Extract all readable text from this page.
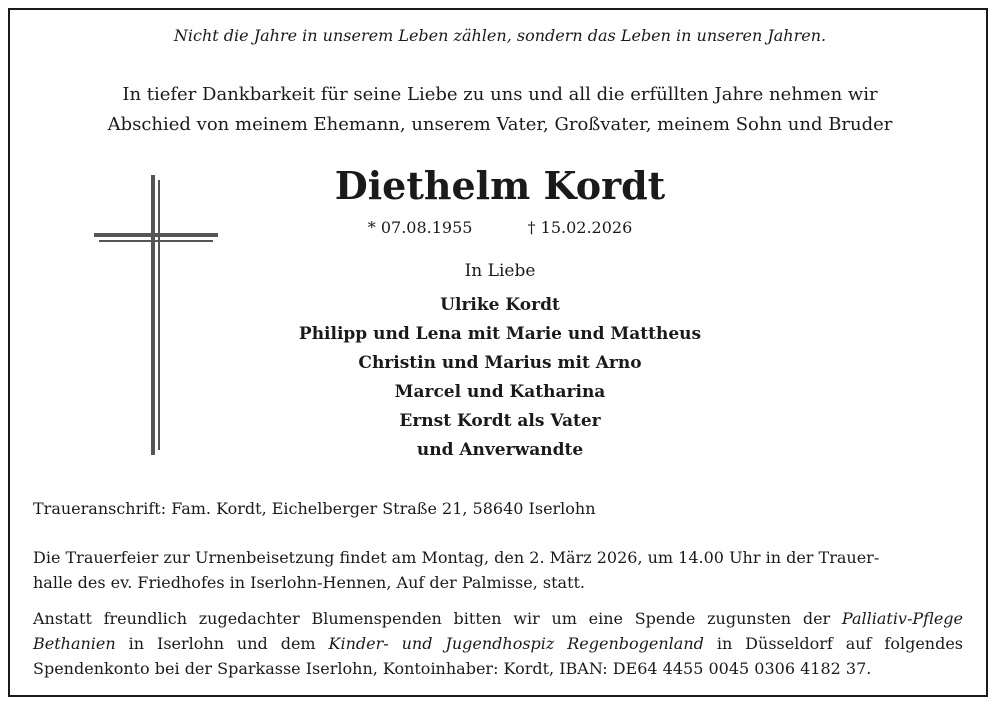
Nicht die Jahre in unserem Leben zählen, sondern das Leben in unseren Jahren.
In tiefer Dankbarkeit für seine Liebe zu uns und all die erfüllten Jahre nehmen wir
Abschied von meinem Ehemann, unserem Vater, Großvater, meinem Sohn und Bruder
Diethelm Kordt
* 07.08.1955	† 15.02.2026
In Liebe
Ulrike Kordt
Philipp und Lena mit Marie und Mattheus
Christin und Marius mit Arno
Marcel und Katharina
Ernst Kordt als Vater
und Anverwandte
Traueranschrift: Fam. Kordt, Eichelberger Straße 21, 58640 Iserlohn
Die Trauerfeier zur Urnenbeisetzung findet am Montag, den 2. März 2026, um 14.00 Uhr in der Trauer-
halle des ev. Friedhofes in Iserlohn-Hennen, Auf der Palmisse, statt.
Anstatt freundlich zugedachter Blumenspenden bitten wir um eine Spende zugunsten der Palliativ-Pflege Bethanien in Iserlohn und dem Kinder- und Jugendhospiz Regenbogenland in Düsseldorf auf folgendes Spendenkonto bei der Sparkasse Iserlohn, Kontoinhaber: Kordt, IBAN: DE64 4455 0045 0306 4182 37.
